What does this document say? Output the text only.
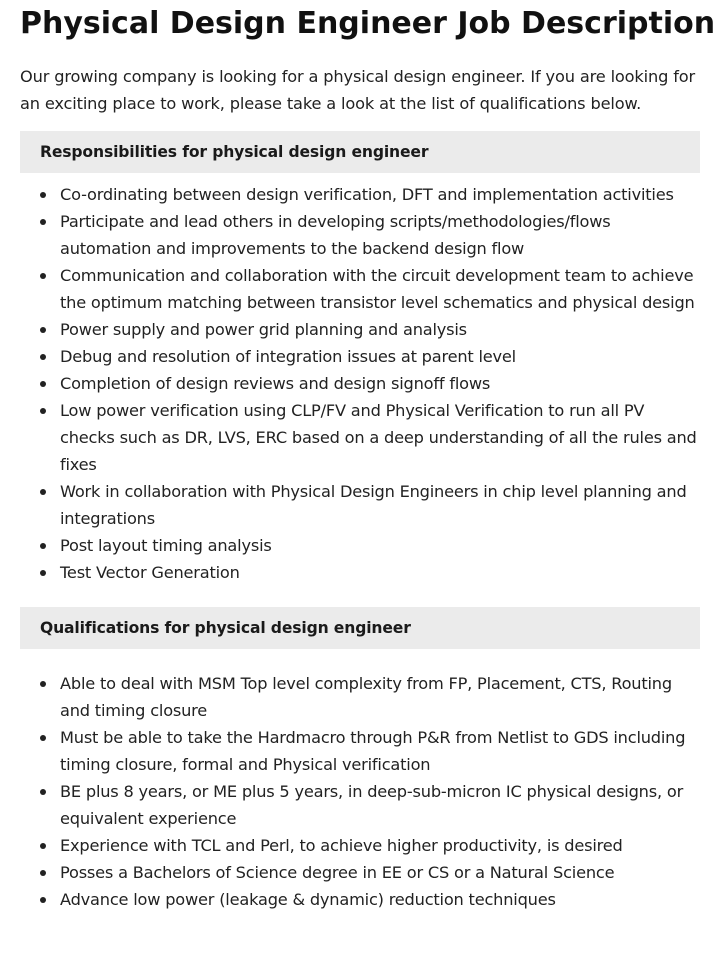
Physical Design Engineer Job Description

Our growing company is looking for a physical design engineer. If you are looking for an exciting place to work, please take a look at the list of qualifications below.

Responsibilities for physical design engineer
Co-ordinating between design verification, DFT and implementation activities
Participate and lead others in developing scripts/methodologies/flows automation and improvements to the backend design flow
Communication and collaboration with the circuit development team to achieve the optimum matching between transistor level schematics and physical design
Power supply and power grid planning and analysis
Debug and resolution of integration issues at parent level
Completion of design reviews and design signoff flows
Low power verification using CLP/FV and Physical Verification to run all PV checks such as DR, LVS, ERC based on a deep understanding of all the rules and fixes
Work in collaboration with Physical Design Engineers in chip level planning and integrations
Post layout timing analysis
Test Vector Generation
Qualifications for physical design engineer
Able to deal with MSM Top level complexity from FP, Placement, CTS, Routing and timing closure
Must be able to take the Hardmacro through P&R from Netlist to GDS including timing closure, formal and Physical verification
BE plus 8 years, or ME plus 5 years, in deep-sub-micron IC physical designs, or equivalent experience
Experience with TCL and Perl, to achieve higher productivity, is desired
Posses a Bachelors of Science degree in EE or CS or a Natural Science
Advance low power (leakage & dynamic) reduction techniques
